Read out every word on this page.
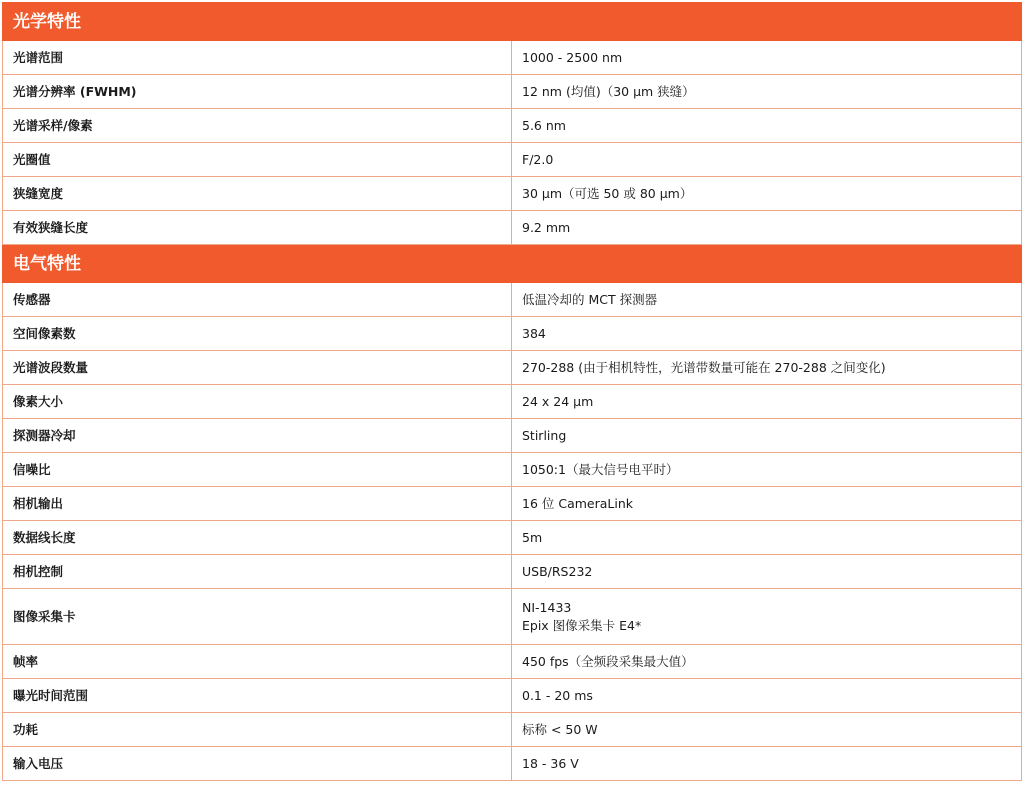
光学特性	
光谱范围	1000 - 2500 nm

光谱分辨率 (FWHM)	12 nm (均值)（30 µm 狭缝）

光谱采样/像素	5.6 nm

光圈值	F/2.0

狭缝宽度	30 µm（可选 50 或 80 µm）

有效狭缝长度	9.2 mm

电气特性	
传感器	低温冷却的 MCT 探测器

空间像素数	384

光谱波段数量	270-288 (由于相机特性，光谱带数量可能在 270-288 之间变化)

像素大小	24 x 24 µm

探测器冷却	Stirling

信噪比	1050:1（最大信号电平时）

相机输出	16 位 CameraLink

数据线长度	5m

相机控制	USB/RS232

图像采集卡	NI-1433
Epix 图像采集卡 E4*

帧率	450 fps（全频段采集最大值）

曝光时间范围	0.1 - 20 ms

功耗	标称 < 50 W

输入电压	18 - 36 V
